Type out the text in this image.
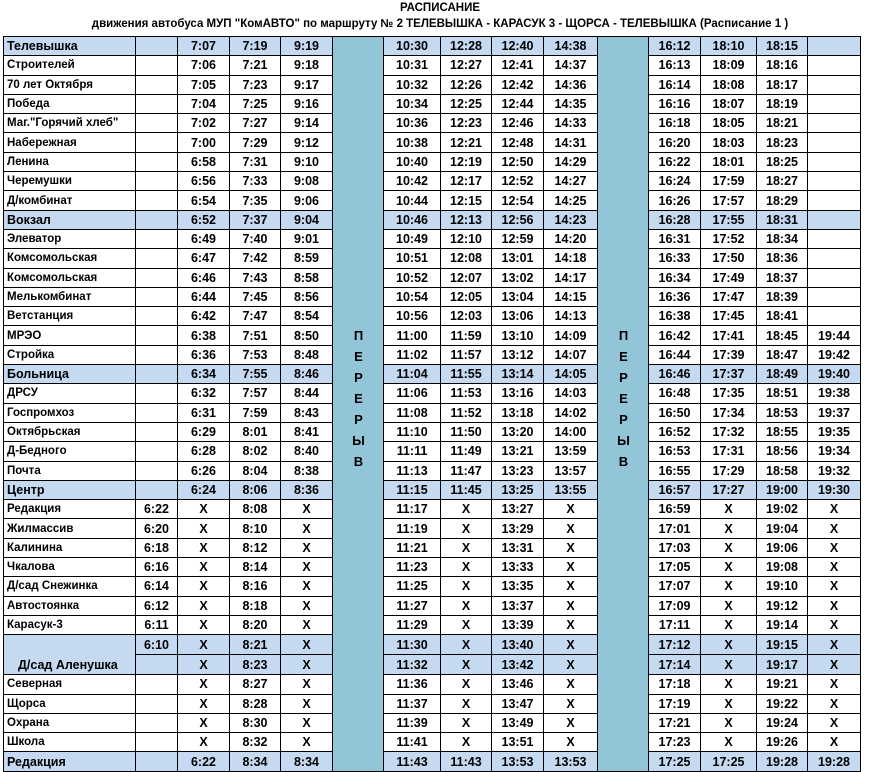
РАСПИСАНИЕ
движения автобуса МУП "КомАВТО" по маршруту № 2 ТЕЛЕВЫШКА - КАРАСУК 3 - ЩОРСА - ТЕЛЕВЫШКА (Расписание 1 )
Телевышка		7:07	7:19	9:19	ПЕРЕРЫВ	10:30	12:28	12:40	14:38	ПЕРЕРЫВ	16:12	18:10	18:15	
Строителей		7:06	7:21	9:18		10:31	12:27	12:41	14:37		16:13	18:09	18:16	
70 лет Октября		7:05	7:23	9:17		10:32	12:26	12:42	14:36		16:14	18:08	18:17	
Победа		7:04	7:25	9:16		10:34	12:25	12:44	14:35		16:16	18:07	18:19	
Маг."Горячий хлеб"		7:02	7:27	9:14		10:36	12:23	12:46	14:33		16:18	18:05	18:21	
Набережная		7:00	7:29	9:12		10:38	12:21	12:48	14:31		16:20	18:03	18:23	
Ленина		6:58	7:31	9:10		10:40	12:19	12:50	14:29		16:22	18:01	18:25	
Черемушки		6:56	7:33	9:08		10:42	12:17	12:52	14:27		16:24	17:59	18:27	
Д/комбинат		6:54	7:35	9:06		10:44	12:15	12:54	14:25		16:26	17:57	18:29	
Вокзал		6:52	7:37	9:04		10:46	12:13	12:56	14:23		16:28	17:55	18:31	
Элеватор		6:49	7:40	9:01		10:49	12:10	12:59	14:20		16:31	17:52	18:34	
Комсомольская		6:47	7:42	8:59		10:51	12:08	13:01	14:18		16:33	17:50	18:36	
Комсомольская		6:46	7:43	8:58		10:52	12:07	13:02	14:17		16:34	17:49	18:37	
Мелькомбинат		6:44	7:45	8:56		10:54	12:05	13:04	14:15		16:36	17:47	18:39	
Ветстанция		6:42	7:47	8:54		10:56	12:03	13:06	14:13		16:38	17:45	18:41	
МРЭО		6:38	7:51	8:50		11:00	11:59	13:10	14:09		16:42	17:41	18:45	19:44
Стройка		6:36	7:53	8:48		11:02	11:57	13:12	14:07		16:44	17:39	18:47	19:42
Больница		6:34	7:55	8:46		11:04	11:55	13:14	14:05		16:46	17:37	18:49	19:40
ДРСУ		6:32	7:57	8:44		11:06	11:53	13:16	14:03		16:48	17:35	18:51	19:38
Госпромхоз		6:31	7:59	8:43		11:08	11:52	13:18	14:02		16:50	17:34	18:53	19:37
Октябрьская		6:29	8:01	8:41		11:10	11:50	13:20	14:00		16:52	17:32	18:55	19:35
Д-Бедного		6:28	8:02	8:40		11:11	11:49	13:21	13:59		16:53	17:31	18:56	19:34
Почта		6:26	8:04	8:38		11:13	11:47	13:23	13:57		16:55	17:29	18:58	19:32
Центр		6:24	8:06	8:36		11:15	11:45	13:25	13:55		16:57	17:27	19:00	19:30
Редакция	6:22	X	8:08	X		11:17	X	13:27	X		16:59	X	19:02	X
Жилмассив	6:20	X	8:10	X		11:19	X	13:29	X		17:01	X	19:04	X
Калинина	6:18	X	8:12	X		11:21	X	13:31	X		17:03	X	19:06	X
Чкалова	6:16	X	8:14	X		11:23	X	13:33	X		17:05	X	19:08	X
Д/сад Снежинка	6:14	X	8:16	X		11:25	X	13:35	X		17:07	X	19:10	X
Автостоянка	6:12	X	8:18	X		11:27	X	13:37	X		17:09	X	19:12	X
Карасук-3	6:11	X	8:20	X		11:29	X	13:39	X		17:11	X	19:14	X
Д/сад Аленушка	6:10	X	8:21	X		11:30	X	13:40	X		17:12	X	19:15	X
		X	8:23	X		11:32	X	13:42	X		17:14	X	19:17	X
Северная		X	8:27	X		11:36	X	13:46	X		17:18	X	19:21	X
Щорса		X	8:28	X		11:37	X	13:47	X		17:19	X	19:22	X
Охрана		X	8:30	X		11:39	X	13:49	X		17:21	X	19:24	X
Школа		X	8:32	X		11:41	X	13:51	X		17:23	X	19:26	X
Редакция		6:22	8:34	8:34		11:43	11:43	13:53	13:53		17:25	17:25	19:28	19:28
